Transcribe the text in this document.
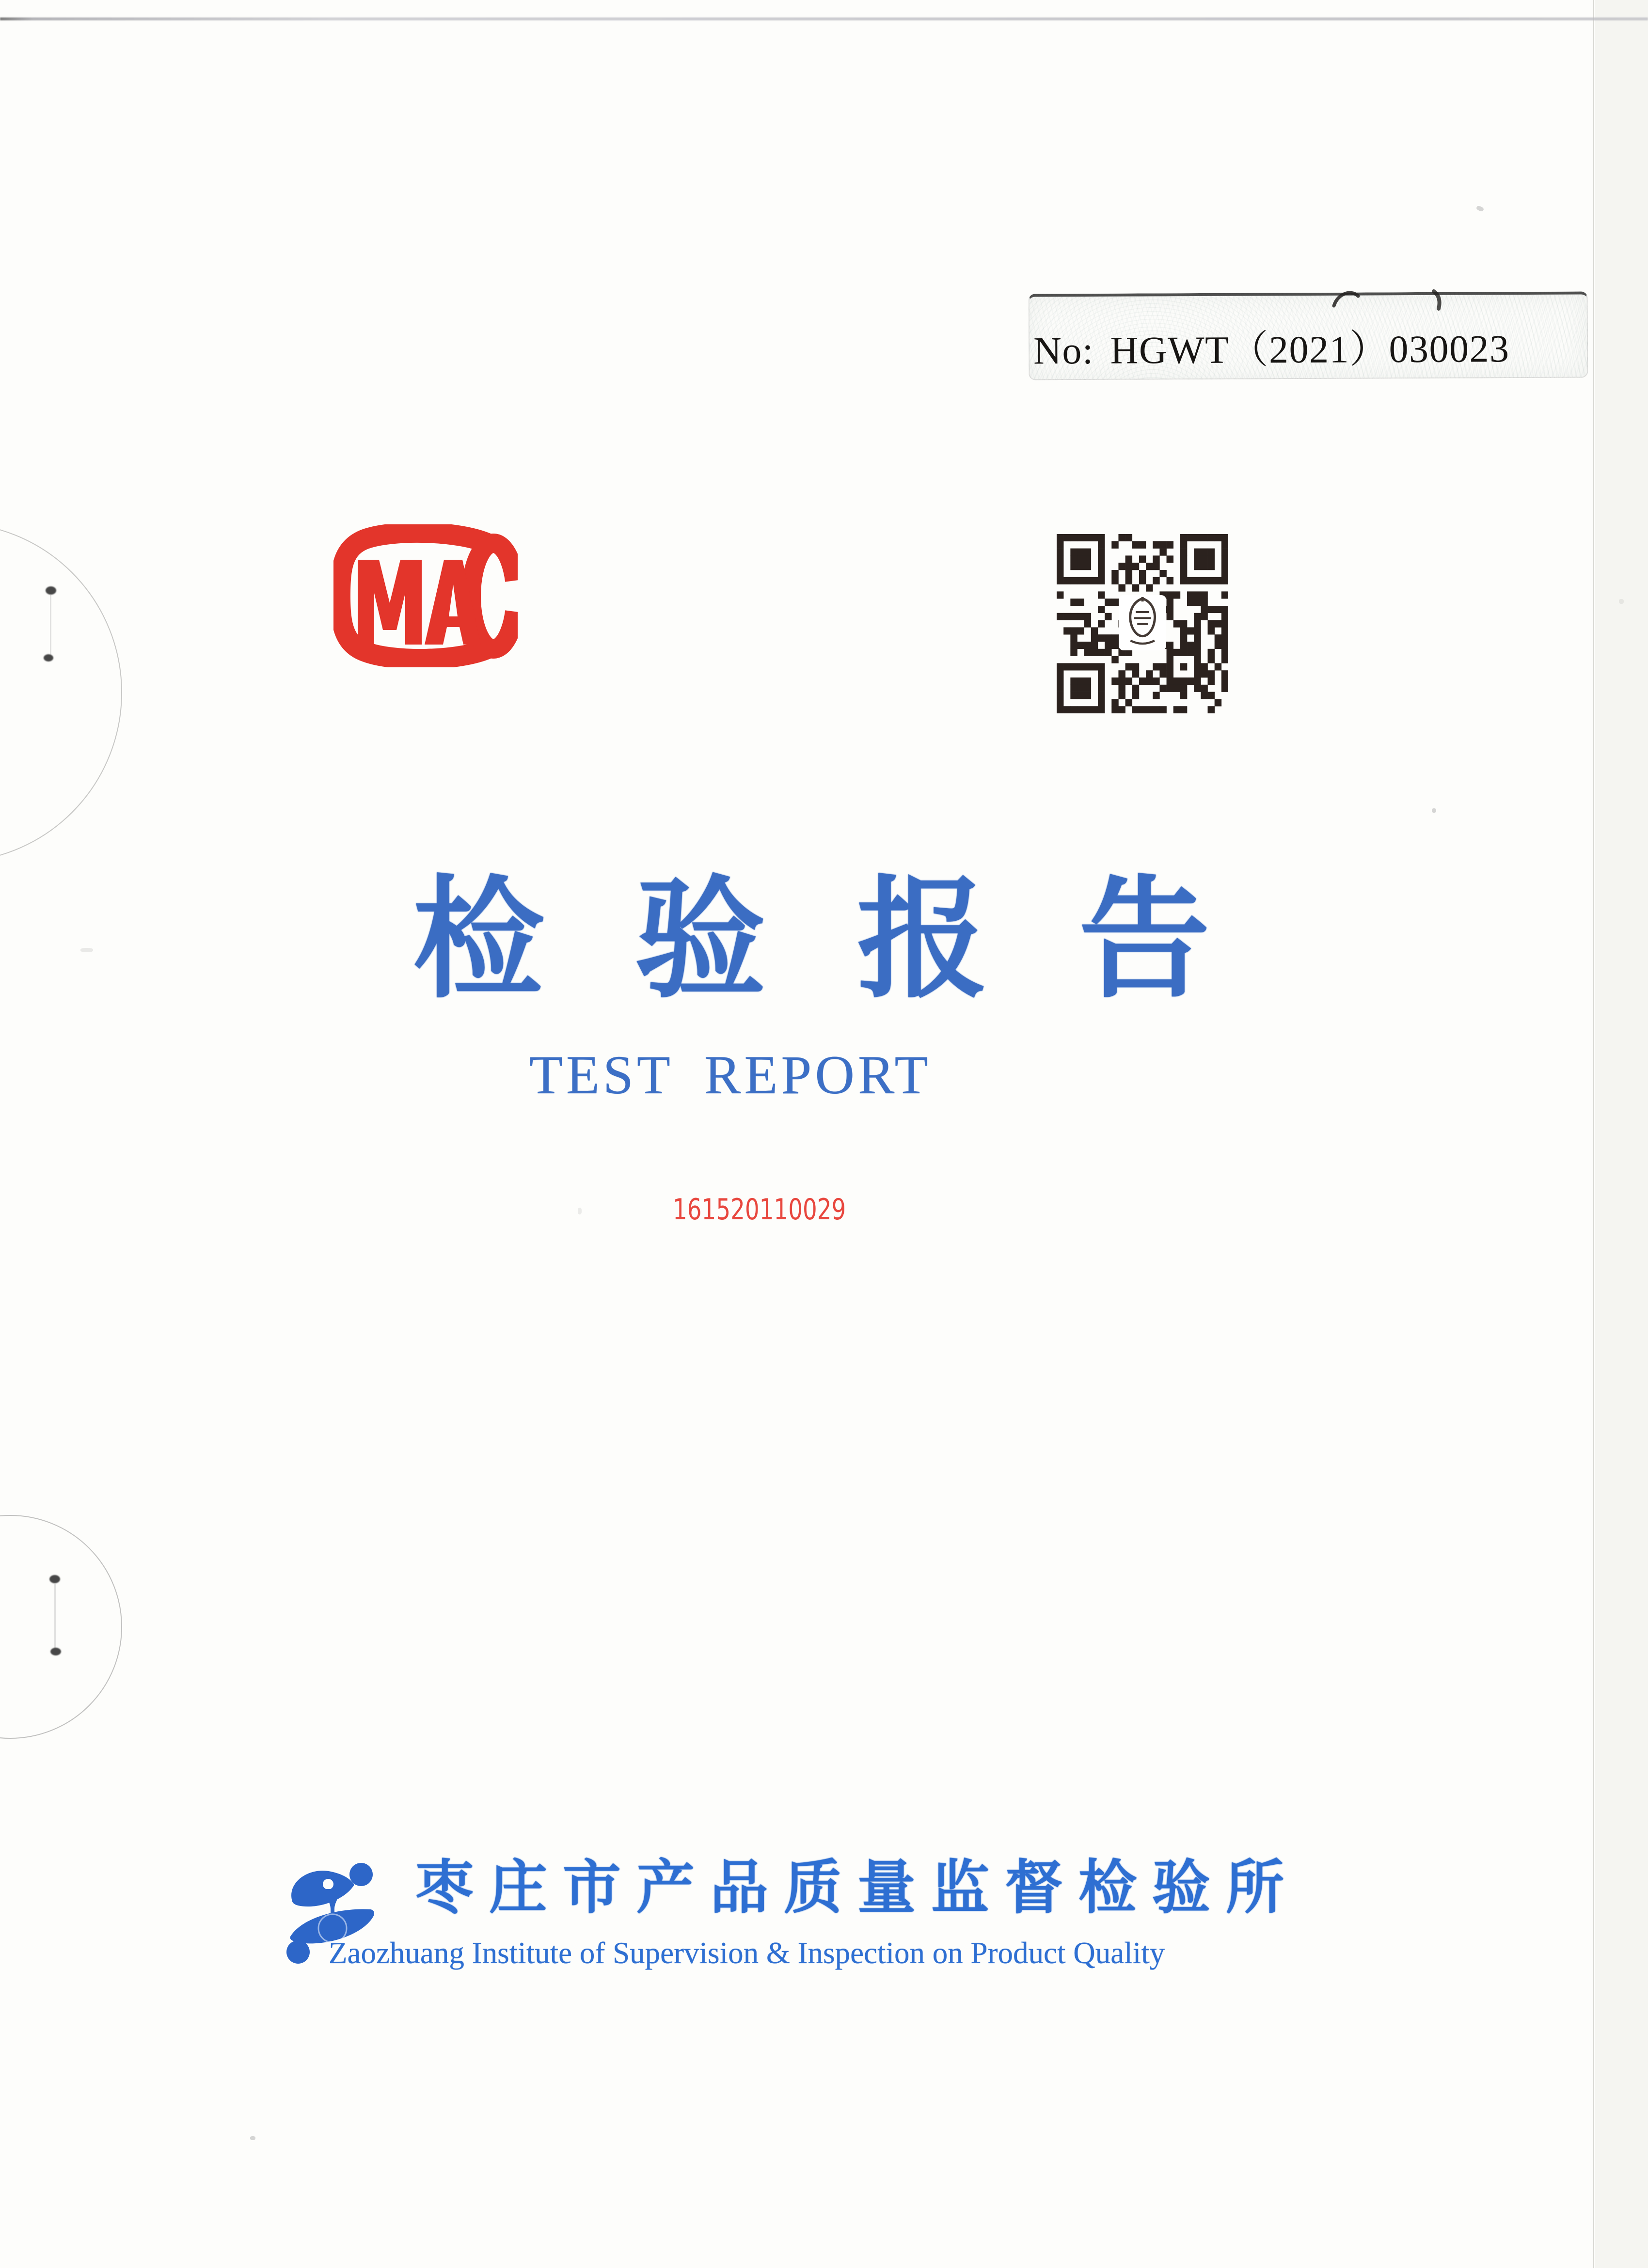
No: HGWT（2021）030023
161520110029
检验报告
TEST REPORT
枣庄市产品质量监督检验所
Zaozhuang Institute of Supervision & Inspection on Product Quality
